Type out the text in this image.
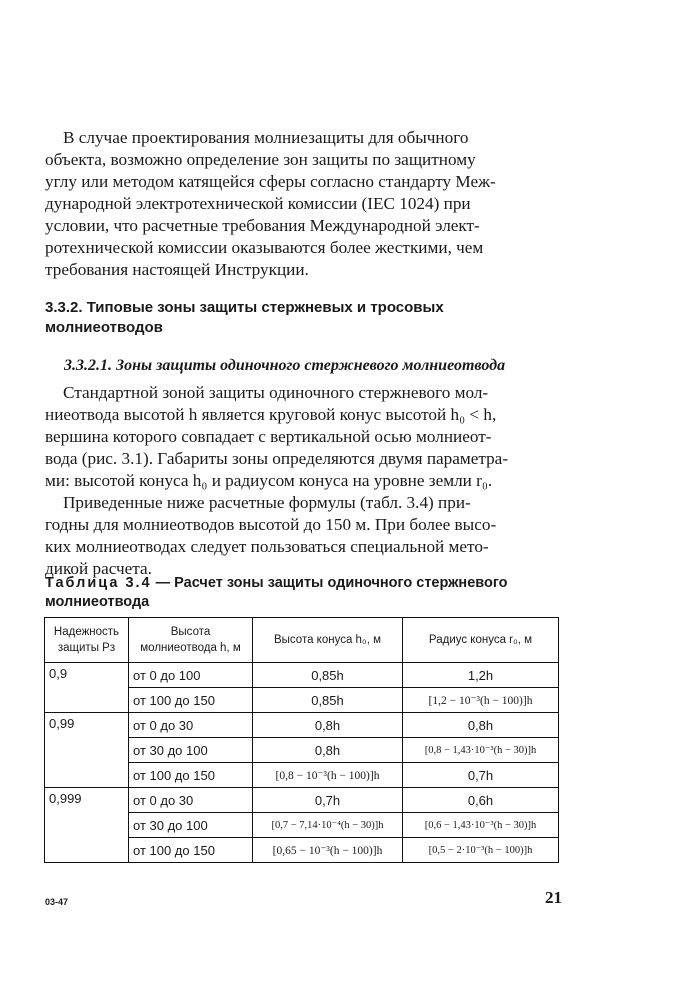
В случае проектирования молниезащиты для обычного
объекта, возможно определение зон защиты по защитному
углу или методом катящейся сферы согласно стандарту Меж-
дународной электротехнической комиссии (IEC 1024) при
условии, что расчетные требования Международной элект-
ротехнической комиссии оказываются более жесткими, чем
требования настоящей Инструкции.
3.3.2. Типовые зоны защиты стержневых и тросовых молниеотводов
3.3.2.1. Зоны защиты одиночного стержневого молниеотвода
Стандартной зоной защиты одиночного стержневого мол-
ниеотвода высотой h является круговой конус высотой h₀ < h,
вершина которого совпадает с вертикальной осью молниеот-
вода (рис. 3.1). Габариты зоны определяются двумя параметра-
ми: высотой конуса h₀ и радиусом конуса на уровне земли r₀.
Приведенные ниже расчетные формулы (табл. 3.4) при-
годны для молниеотводов высотой до 150 м. При более высо-
ких молниеотводах следует пользоваться специальной мето-
дикой расчета.
Таблица 3.4 — Расчет зоны защиты одиночного стержневого молниеотвода
Надежность защиты Pз	Высота молниеотвода h, м	Высота конуса h₀, м	Радиус конуса r₀, м
0,9	от 0 до 100	0,85h	1,2h
	от 100 до 150	0,85h	[1,2 − 10⁻³(h − 100)]h
0,99	от 0 до 30	0,8h	0,8h
	от 30 до 100	0,8h	[0,8 − 1,43·10⁻³(h − 30)]h
	от 100 до 150	[0,8 − 10⁻³(h − 100)]h	0,7h
0,999	от 0 до 30	0,7h	0,6h
	от 30 до 100	[0,7 − 7,14·10⁻⁴(h − 30)]h	[0,6 − 1,43·10⁻³(h − 30)]h
	от 100 до 150	[0,65 − 10⁻³(h − 100)]h	[0,5 − 2·10⁻³(h − 100)]h
03-47	21
